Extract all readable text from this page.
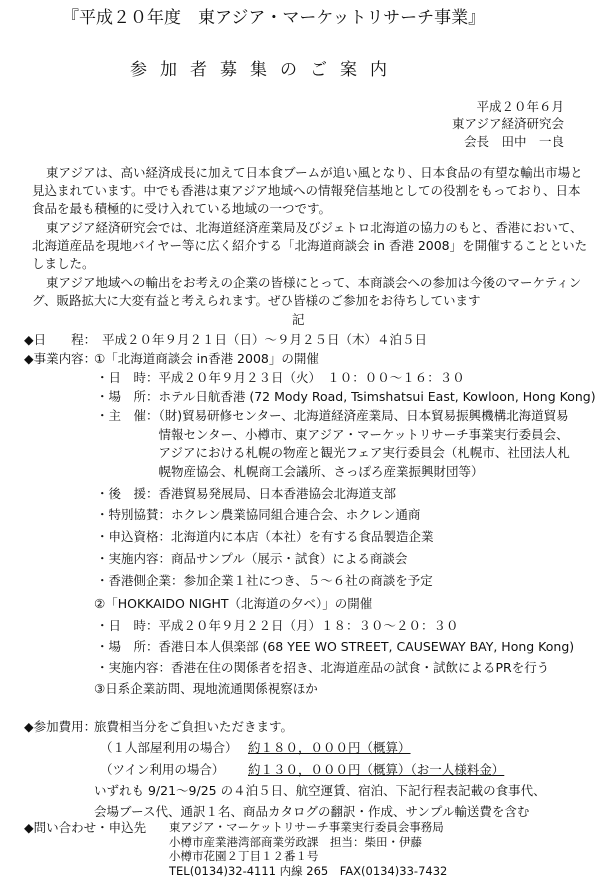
『平成２０年度　東アジア・マーケットリサーチ事業』
参加者募集のご案内
平成２０年６月
東アジア経済研究会
会長　田中　一良
東アジアは、高い経済成長に加えて日本食ブームが追い風となり、日本食品の有望な輸出市場と
見込まれています。中でも香港は東アジア地域への情報発信基地としての役割をもっており、日本
食品を最も積極的に受け入れている地域の一つです。
東アジア経済研究会では、北海道経済産業局及びジェトロ北海道の協力のもと、香港において、
北海道産品を現地バイヤー等に広く紹介する「北海道商談会 in 香港 2008」を開催することといた
しました。
東アジア地域への輸出をお考えの企業の皆様にとって、本商談会への参加は今後のマーケティン
グ、販路拡大に大変有益と考えられます。ぜひ皆様のご参加をお待ちしています
記
◆日　　程： 平成２０年９月２１日（日）～９月２５日（木）４泊５日
◆事業内容：
①「北海道商談会 in香港 2008」の開催
・日　時：平成２０年９月２３日（火）　１０：００～１６：３０
・場　所：ホテル日航香港 (72 Mody Road, Tsimshatsui East, Kowloon, Hong Kong)
・主　催：（財)貿易研修センター、北海道経済産業局、日本貿易振興機構北海道貿易
　　　　　情報センター、小樽市、東アジア・マーケットリサーチ事業実行委員会、
　　　　　アジアにおける札幌の物産と観光フェア実行委員会（札幌市、社団法人札
　　　　　幌物産協会、札幌商工会議所、さっぽろ産業振興財団等）
・後　援：香港貿易発展局、日本香港協会北海道支部
・特別協賛：ホクレン農業協同組合連合会、ホクレン通商
・申込資格：北海道内に本店（本社）を有する食品製造企業
・実施内容：商品サンプル（展示・試食）による商談会
・香港側企業：参加企業１社につき、５～６社の商談を予定
②「HOKKAIDO NIGHT（北海道の夕べ）」の開催
・日　時：平成２０年９月２２日（月）１８：３０～２０：３０
・場　所：香港日本人倶楽部 (68 YEE WO STREET, CAUSEWAY BAY, Hong Kong)
・実施内容：香港在住の関係者を招き、北海道産品の試食・試飲によるPRを行う
③日系企業訪問、現地流通関係視察ほか
◆参加費用：
旅費相当分をご負担いただきます。
（１人部屋利用の場合） 約１８０，０００円（概算）
（ツイン利用の場合） 約１３０，０００円（概算）（お一人様料金）
いずれも 9/21～9/25 の４泊５日、航空運賃、宿泊、下記行程表記載の食事代、
会場ブース代、通訳１名、商品カタログの翻訳・作成、サンプル輸送費を含む
◆問い合わせ・申込先 東アジア・マーケットリサーチ事業実行委員会事務局
小樽市産業港湾部商業労政課　担当：柴田・伊藤
小樽市花園２丁目１２番１号
TEL(0134)32-4111 内線 265　FAX(0134)33-7432
